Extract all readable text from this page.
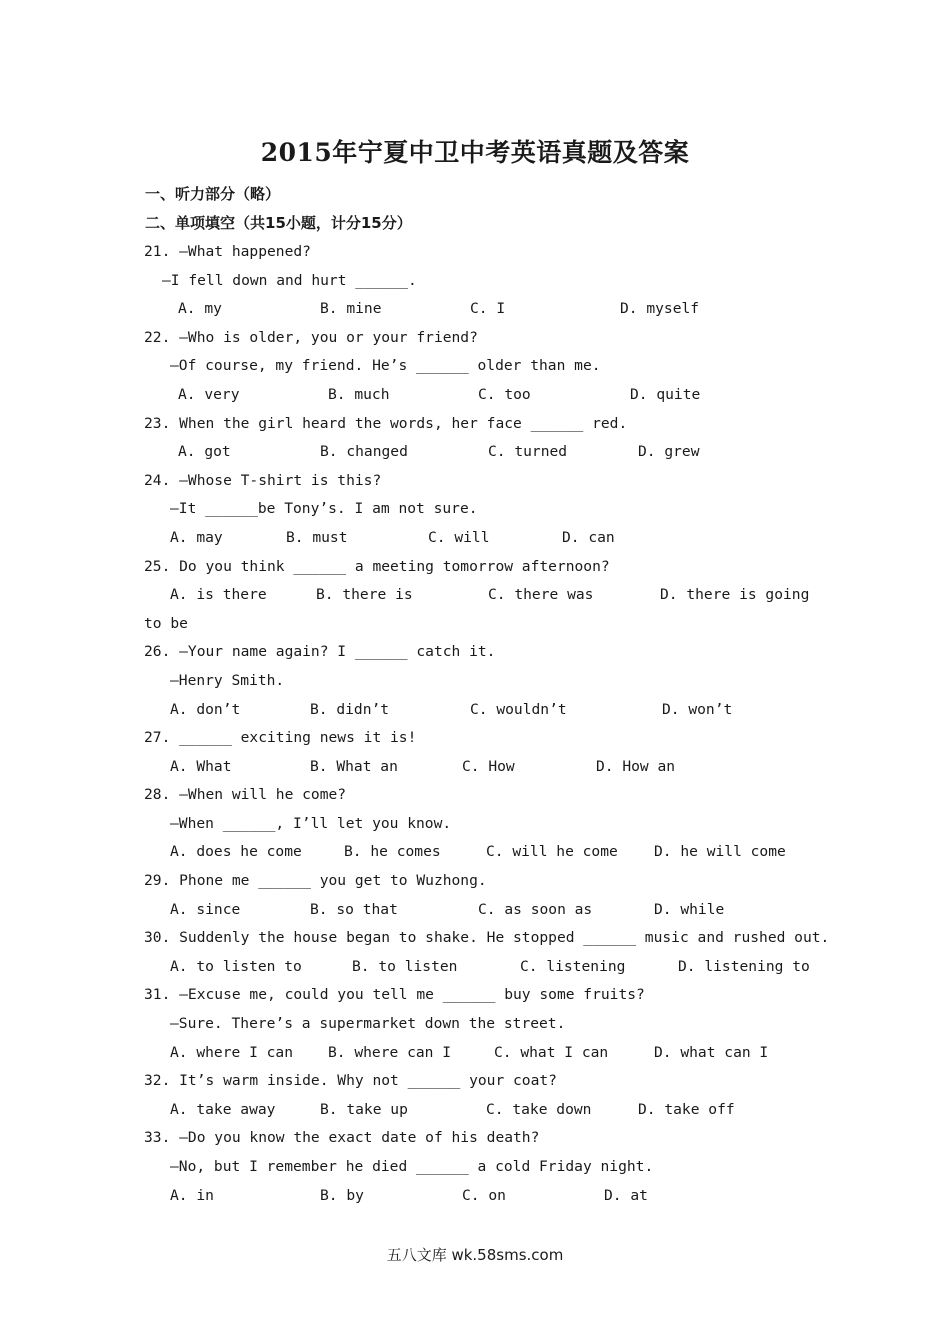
2015年宁夏中卫中考英语真题及答案
一、听力部分（略）
二、单项填空（共15小题，计分15分）
21. —What happened?
—I fell down and hurt ______.
A. my	B. mine	C. I	D. myself
22. —Who is older, you or your friend?
—Of course, my friend. He’s ______ older than me.
A. very	B. much	C. too	D. quite
23. When the girl heard the words, her face ______ red.
A. got	B. changed	C. turned	D. grew
24. —Whose T-shirt is this?
—It ______be Tony’s. I am not sure.
A. may	B. must	C. will	D. can
25. Do you think ______ a meeting tomorrow afternoon?
A. is there	B. there is	C. there was	D. there is going
to be
26. —Your name again? I ______ catch it.
—Henry Smith.
A. don’t	B. didn’t	C. wouldn’t	D. won’t
27. ______ exciting news it is!
A. What	B. What an	C. How	D. How an
28. —When will he come?
—When ______, I’ll let you know.
A. does he come	B. he comes	C. will he come D. he will come
29. Phone me ______ you get to Wuzhong.
A. since	B. so that	C. as soon as	D. while
30. Suddenly the house began to shake. He stopped ______ music and rushed out.
A. to listen to	B. to listen	C. listening	D. listening to
31. —Excuse me, could you tell me ______ buy some fruits?
—Sure. There’s a supermarket down the street.
A. where I can B. where can I	C. what I can	D. what can I
32. It’s warm inside. Why not ______ your coat?
A. take away	B. take up	C. take down	D. take off
33. —Do you know the exact date of his death?
—No, but I remember he died ______ a cold Friday night.
A. in	B. by	C. on	D. at
五八文库 wk.58sms.com
